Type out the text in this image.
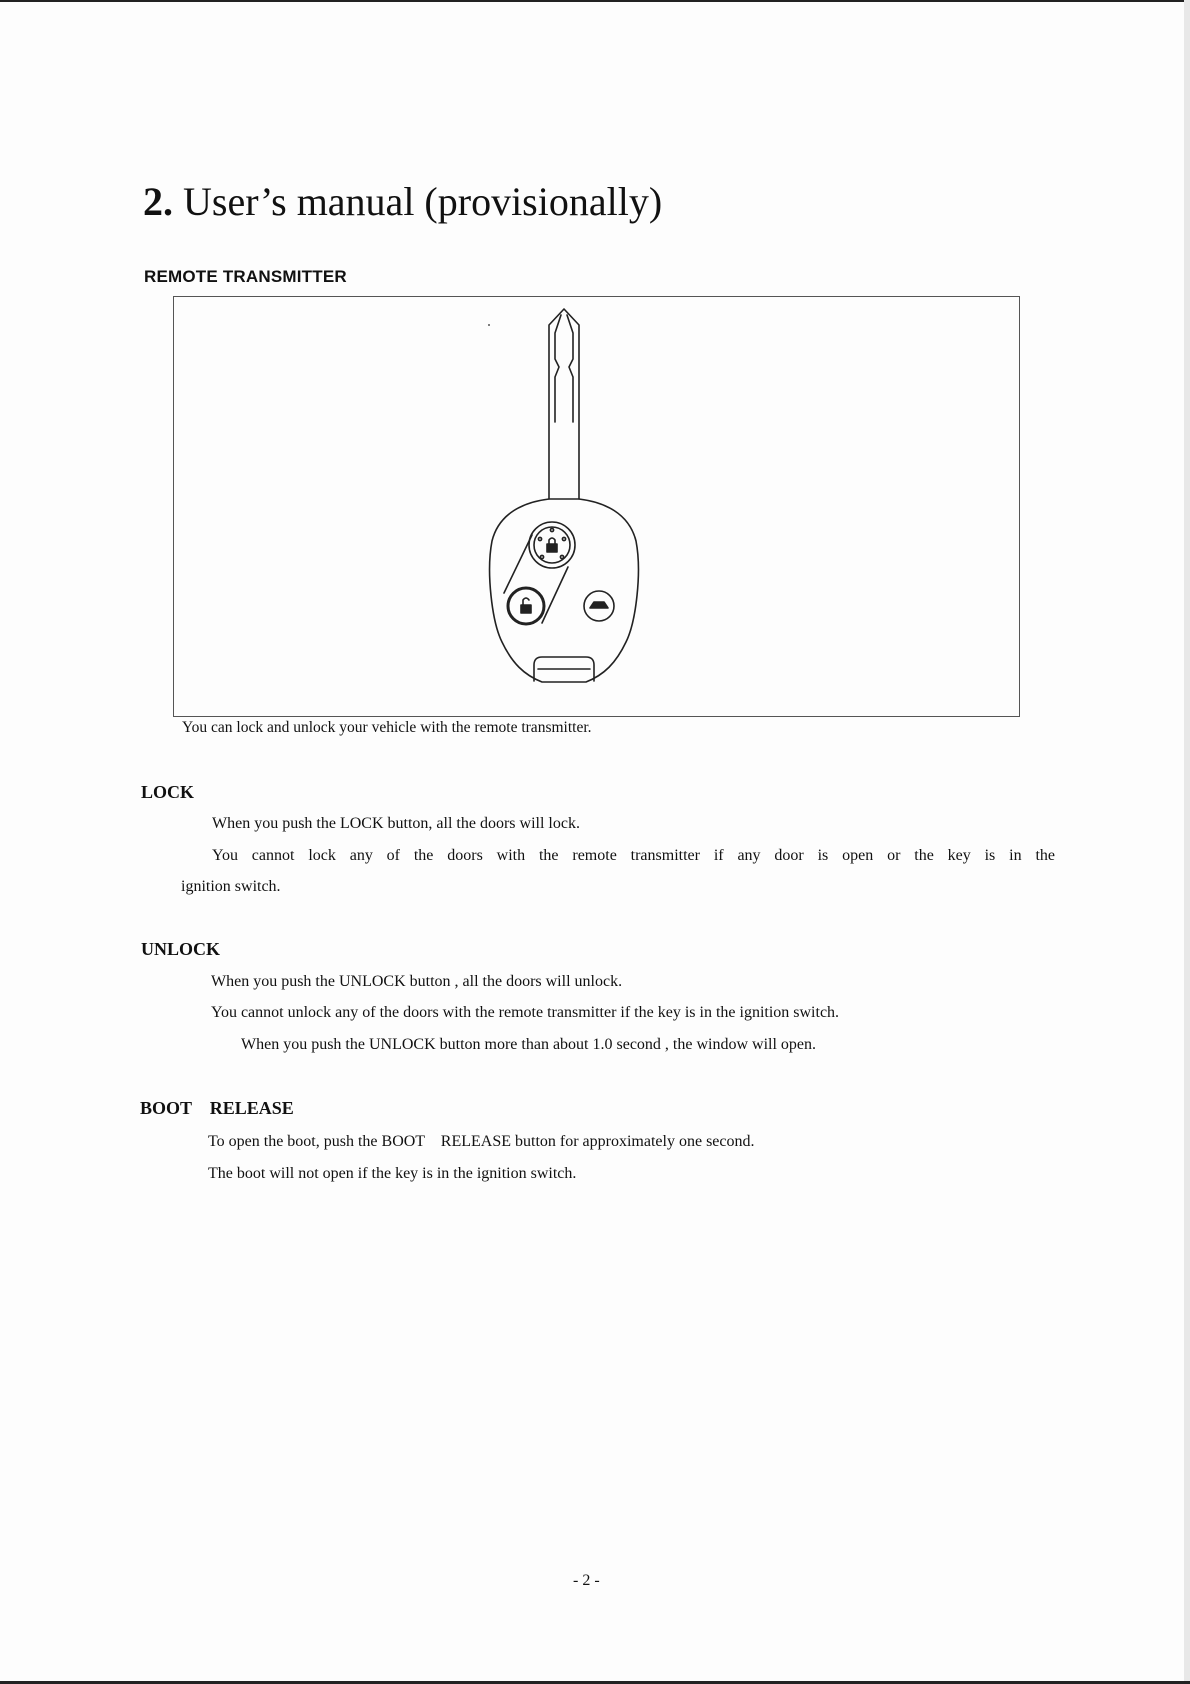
2. User’s manual (provisionally)
REMOTE TRANSMITTER

You can lock and unlock your vehicle with the remote transmitter.

LOCK

When you push the LOCK button, all the doors will lock.

You cannot lock any of the doors with the remote transmitter if any door is open or the key is in the

ignition switch.

UNLOCK

When you push the UNLOCK button , all the doors will unlock.

You cannot unlock any of the doors with the remote transmitter if the key is in the ignition switch.

When you push the UNLOCK button more than about 1.0 second , the window will open.

BOOT    RELEASE

To open the boot, push the BOOT    RELEASE button for approximately one second.

The boot will not open if the key is in the ignition switch.

- 2 -
